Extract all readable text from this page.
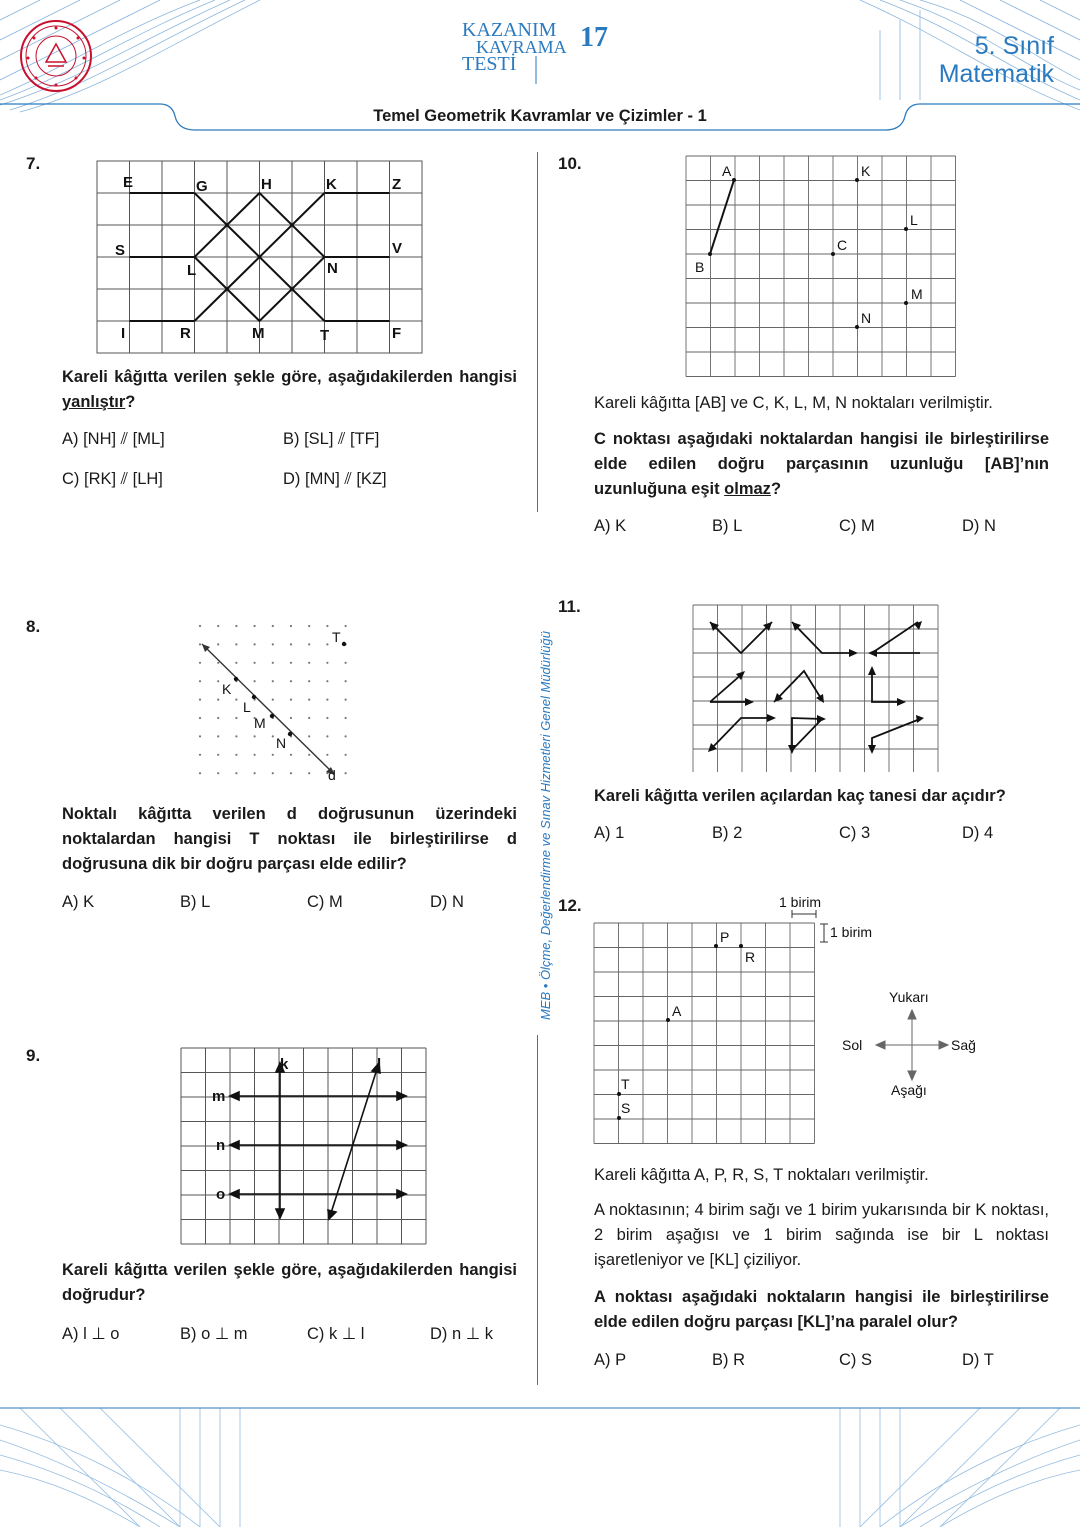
KAZANIM
KAVRAMA
TESTİ
17	5. Sınıf
Matematik
Temel Geometrik Kavramlar ve Çizimler - 1
MEB • Ölçme, Değerlendirme ve Sınav Hizmetleri Genel Müdürlüğü
7.
E	G	H	K	Z
S
L	N
V
I	R	M	T	F
Kareli kâğıtta verilen şekle göre, aşağıdakilerden hangisi yanlıştır?
A) [NH] ⫽ [ML]	B) [SL] ⫽ [TF]
C) [RK] ⫽ [LH]	D) [MN] ⫽ [KZ]
8.
T
K
L
M
N
d
Noktalı kâğıtta verilen d doğrusunun üzerindeki noktalardan hangisi T noktası ile birleştirilirse d doğrusuna dik bir doğru parçası elde edilir?
A) K	B) L	C) M	D) N
9.	k	l
m
n
o
Kareli kâğıtta verilen şekle göre, aşağıdakilerden hangisi doğrudur?
A) l ⊥ o	B) o ⊥ m	C) k ⊥ l	D) n ⊥ k
10.	A
B
K
L
C
M
N
Kareli kâğıtta [AB] ve C, K, L, M, N noktaları verilmiştir.
C noktası aşağıdaki noktalardan hangisi ile birleştirilirse elde edilen doğru parçasının uzunluğu [AB]’nın uzunluğuna eşit olmaz?
A) K	B) L	C) M	D) N
11.
Kareli kâğıtta verilen açılardan kaç tanesi dar açıdır?
A) 1	B) 2	C) 3	D) 4
12.
P
R
A
T
S
1 birim
1 birim
Yukarı
Sol	Sağ
Aşağı
Kareli kâğıtta A, P, R, S, T noktaları verilmiştir.
A noktasının; 4 birim sağı ve 1 birim yukarısında bir K noktası, 2 birim aşağısı ve 1 birim sağında ise bir L noktası işaretleniyor ve [KL] çiziliyor.
A noktası aşağıdaki noktaların hangisi ile birleştirilirse elde edilen doğru parçası [KL]’na paralel olur?
A) P	B) R	C) S	D) T
